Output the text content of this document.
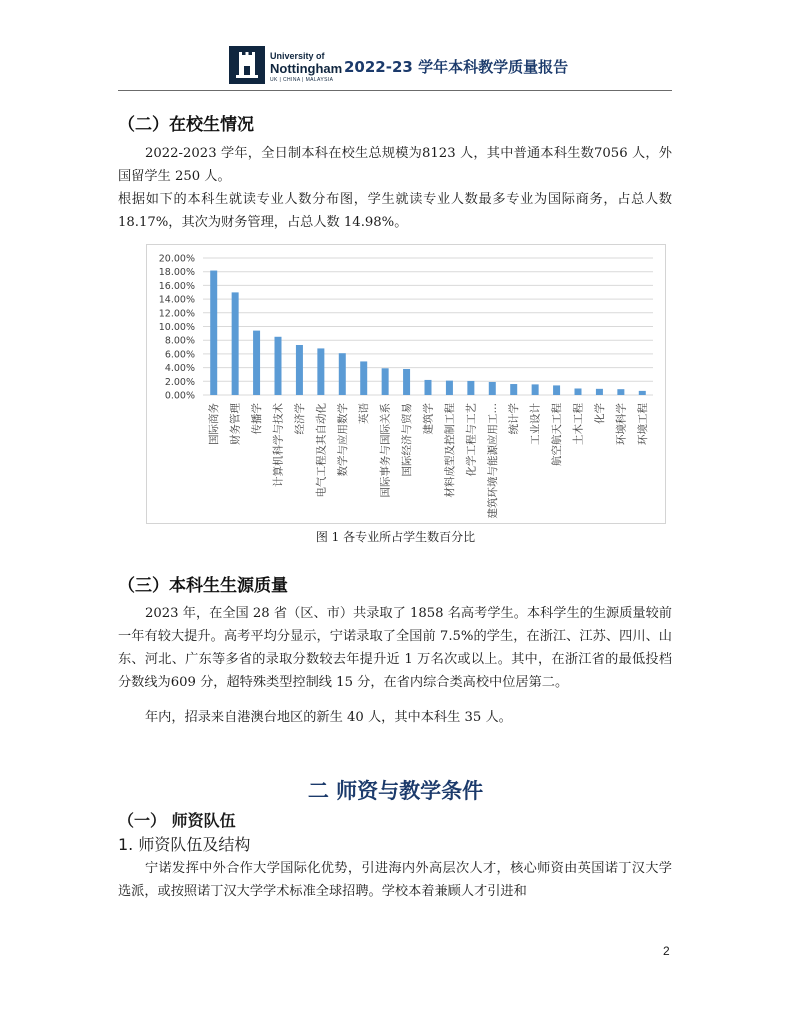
University of
Nottingham
UK | CHINA | MALAYSIA
2022-23 学年本科教学质量报告
（二）在校生情况

2022-2023 学年，全日制本科在校生总规模为8123 人，其中普通本科生数7056 人，外国留学生 250 人。

根据如下的本科生就读专业人数分布图，学生就读专业人数最多专业为国际商务，占总人数 18.17%，其次为财务管理，占总人数 14.98%。

20.00%
18.00%
16.00%
14.00%
12.00%
10.00%
8.00%
6.00%
4.00%
2.00%
0.00%
国际商务 财务管理 传播学 计算机科学与技术 经济学 电气工程及其自动化 数学与应用数学 英语 国际事务与国际关系 国际经济与贸易 建筑学 材料成型及控制工程 化学工程与工艺 建筑环境与能源应用工… 统计学 工业设计 航空航天工程 土木工程 化学 环境科学 环境工程
图 1 各专业所占学生数百分比
（三）本科生生源质量

2023 年，在全国 28 省（区、市）共录取了 1858 名高考学生。本科学生的生源质量较前一年有较大提升。高考平均分显示，宁诺录取了全国前 7.5%的学生，在浙江、江苏、四川、山东、河北、广东等多省的录取分数较去年提升近 1 万名次或以上。其中，在浙江省的最低投档分数线为609 分，超特殊类型控制线 15 分，在省内综合类高校中位居第二。

年内，招录来自港澳台地区的新生 40 人，其中本科生 35 人。

二 师资与教学条件
（一） 师资队伍
1. 师资队伍及结构

宁诺发挥中外合作大学国际化优势，引进海内外高层次人才，核心师资由英国诺丁汉大学选派，或按照诺丁汉大学学术标准全球招聘。学校本着兼顾人才引进和

2
